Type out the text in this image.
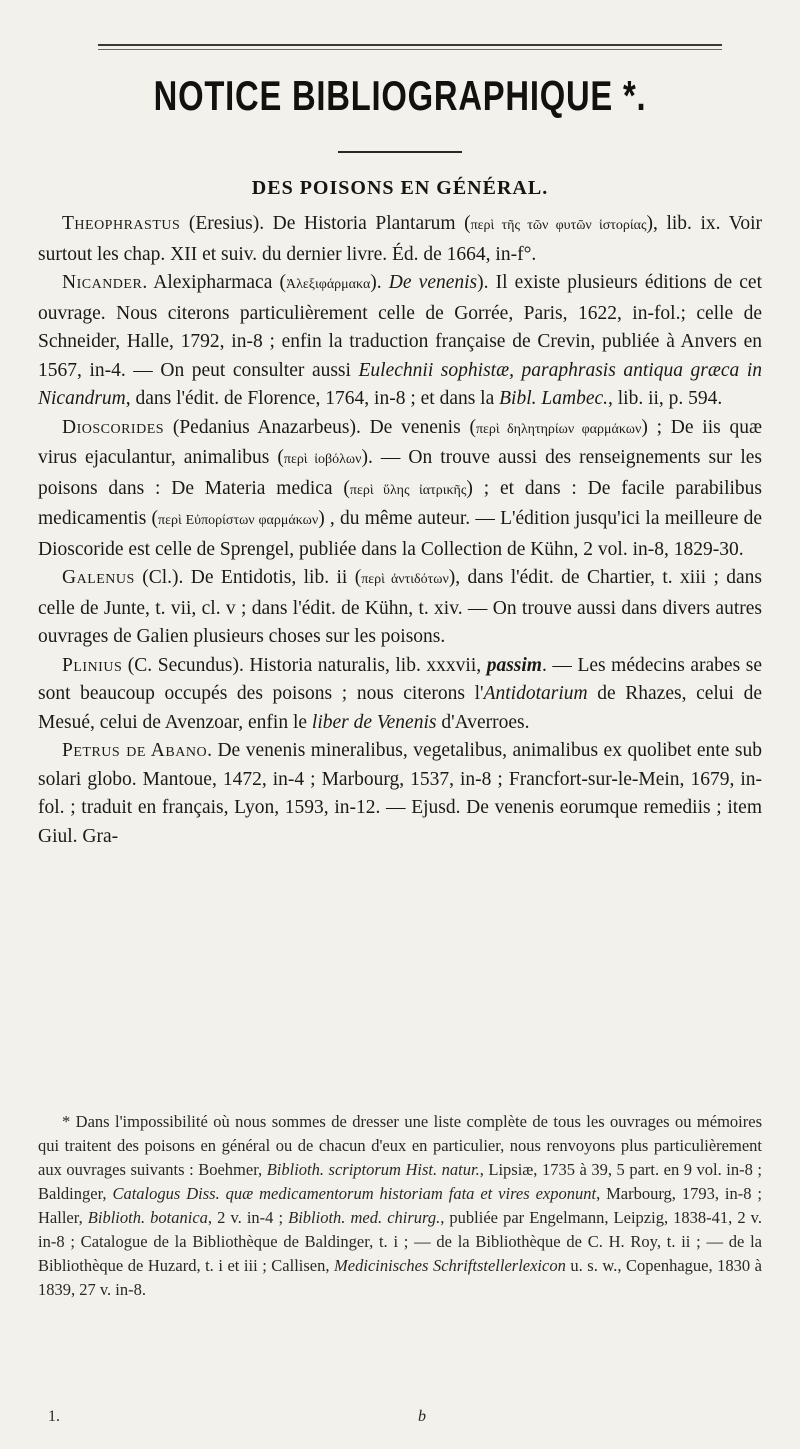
NOTICE BIBLIOGRAPHIQUE *.
DES POISONS EN GÉNÉRAL.

Theophrastus (Eresius). De Historia Plantarum (περὶ τῆς τῶν φυτῶν ἱστορίας), lib. ix. Voir surtout les chap. XII et suiv. du dernier livre. Éd. de 1664, in-f°.

Nicander. Alexipharmaca (Ἀλεξιφάρμακα). De venenis). Il existe plusieurs éditions de cet ouvrage. Nous citerons particulièrement celle de Gorrée, Paris, 1622, in-fol.; celle de Schneider, Halle, 1792, in-8 ; enfin la traduction française de Crevin, publiée à Anvers en 1567, in-4. — On peut consulter aussi Eulechnii sophistæ, paraphrasis antiqua græca in Nicandrum, dans l'édit. de Florence, 1764, in-8 ; et dans la Bibl. Lambec., lib. ii, p. 594.

Dioscorides (Pedanius Anazarbeus). De venenis (περὶ δηλητηρίων φαρμάκων) ; De iis quæ virus ejaculantur, animalibus (περὶ ἰοβόλων). — On trouve aussi des renseignements sur les poisons dans : De Materia medica (περὶ ὕλης ἰατρικῆς) ; et dans : De facile parabilibus medicamentis (περὶ Εὐπορίστων φαρμάκων) , du même auteur. — L'édition jusqu'ici la meilleure de Dioscoride est celle de Sprengel, publiée dans la Collection de Kühn, 2 vol. in-8, 1829-30.

Galenus (Cl.). De Entidotis, lib. ii (περὶ ἀντιδότων), dans l'édit. de Chartier, t. xiii ; dans celle de Junte, t. vii, cl. v ; dans l'édit. de Kühn, t. xiv. — On trouve aussi dans divers autres ouvrages de Galien plusieurs choses sur les poisons.

Plinius (C. Secundus). Historia naturalis, lib. xxxvii, passim. — Les médecins arabes se sont beaucoup occupés des poisons ; nous citerons l'Antidotarium de Rhazes, celui de Mesué, celui de Avenzoar, enfin le liber de Venenis d'Averroes.

Petrus de Abano. De venenis mineralibus, vegetalibus, animalibus ex quolibet ente sub solari globo. Mantoue, 1472, in-4 ; Marbourg, 1537, in-8 ; Francfort-sur-le-Mein, 1679, in-fol. ; traduit en français, Lyon, 1593, in-12. — Ejusd. De venenis eorumque remediis ; item Giul. Gra-

* Dans l'impossibilité où nous sommes de dresser une liste complète de tous les ouvrages ou mémoires qui traitent des poisons en général ou de chacun d'eux en particulier, nous renvoyons plus particulièrement aux ouvrages suivants : Boehmer, Biblioth. scriptorum Hist. natur., Lipsiæ, 1735 à 39, 5 part. en 9 vol. in-8 ; Baldinger, Catalogus Diss. quæ medicamentorum historiam fata et vires exponunt, Marbourg, 1793, in-8 ; Haller, Biblioth. botanica, 2 v. in-4 ; Biblioth. med. chirurg., publiée par Engelmann, Leipzig, 1838-41, 2 v. in-8 ; Catalogue de la Bibliothèque de Baldinger, t. i ; — de la Bibliothèque de C. H. Roy, t. ii ; — de la Bibliothèque de Huzard, t. i et iii ; Callisen, Medicinisches Schriftstellerlexicon u. s. w., Copenhague, 1830 à 1839, 27 v. in-8.
1.	b
